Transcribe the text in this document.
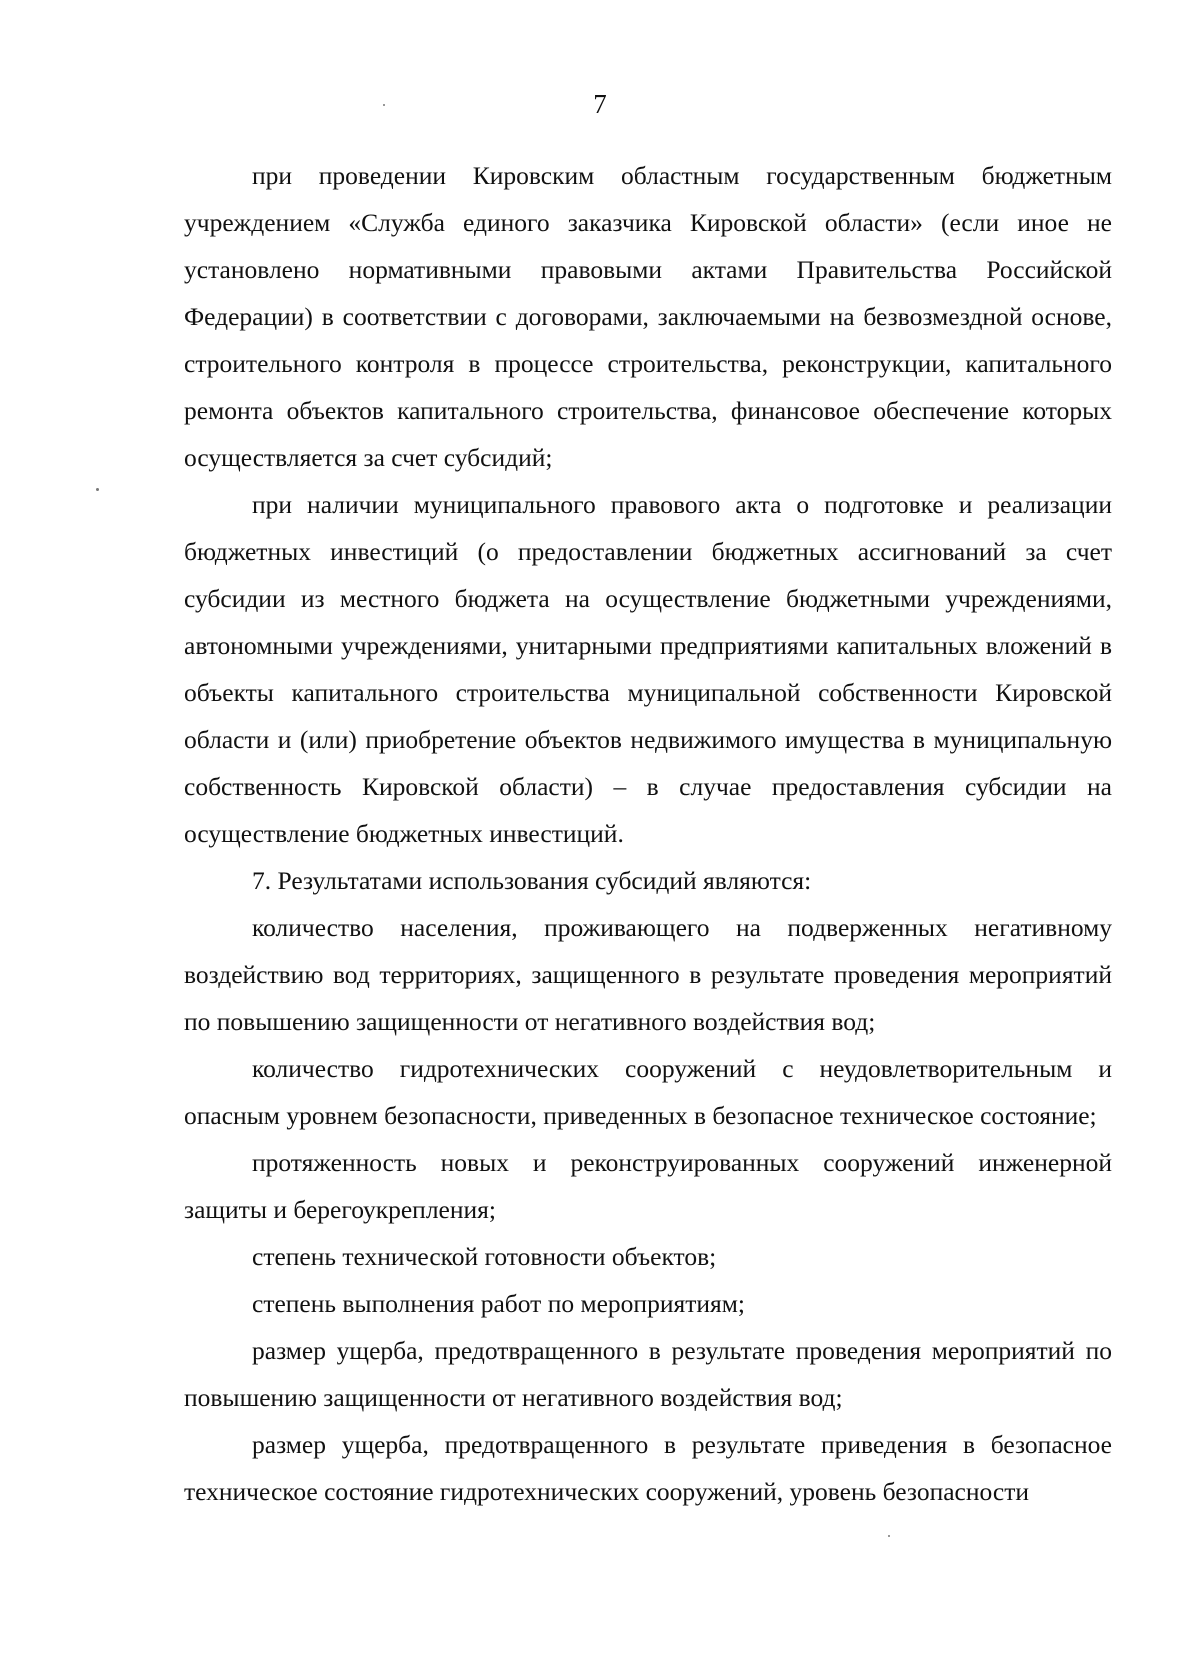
7

при проведении Кировским областным государственным бюджетным учреждением «Служба единого заказчика Кировской области» (если иное не установлено нормативными правовыми актами Правительства Российской Федерации) в соответствии с договорами, заключаемыми на безвозмездной основе, строительного контроля в процессе строительства, реконструкции, капитального ремонта объектов капитального строительства, финансовое обеспечение которых осуществляется за счет субсидий;

при наличии муниципального правового акта о подготовке и реализации бюджетных инвестиций (о предоставлении бюджетных ассигнований за счет субсидии из местного бюджета на осуществление бюджетными учреждениями, автономными учреждениями, унитарными предприятиями капитальных вложений в объекты капитального строительства муниципальной собственности Кировской области и (или) приобретение объектов недвижимого имущества в муниципальную собственность Кировской области) – в случае предоставления субсидии на осуществление бюджетных инвестиций.

7. Результатами использования субсидий являются:

количество населения, проживающего на подверженных негативному воздействию вод территориях, защищенного в результате проведения мероприятий по повышению защищенности от негативного воздействия вод;

количество гидротехнических сооружений с неудовлетворительным и опасным уровнем безопасности, приведенных в безопасное техническое состояние;

протяженность новых и реконструированных сооружений инженерной защиты и берегоукрепления;

степень технической готовности объектов;

степень выполнения работ по мероприятиям;

размер ущерба, предотвращенного в результате проведения мероприятий по повышению защищенности от негативного воздействия вод;

размер ущерба, предотвращенного в результате приведения в безопасное техническое состояние гидротехнических сооружений, уровень безопасности
